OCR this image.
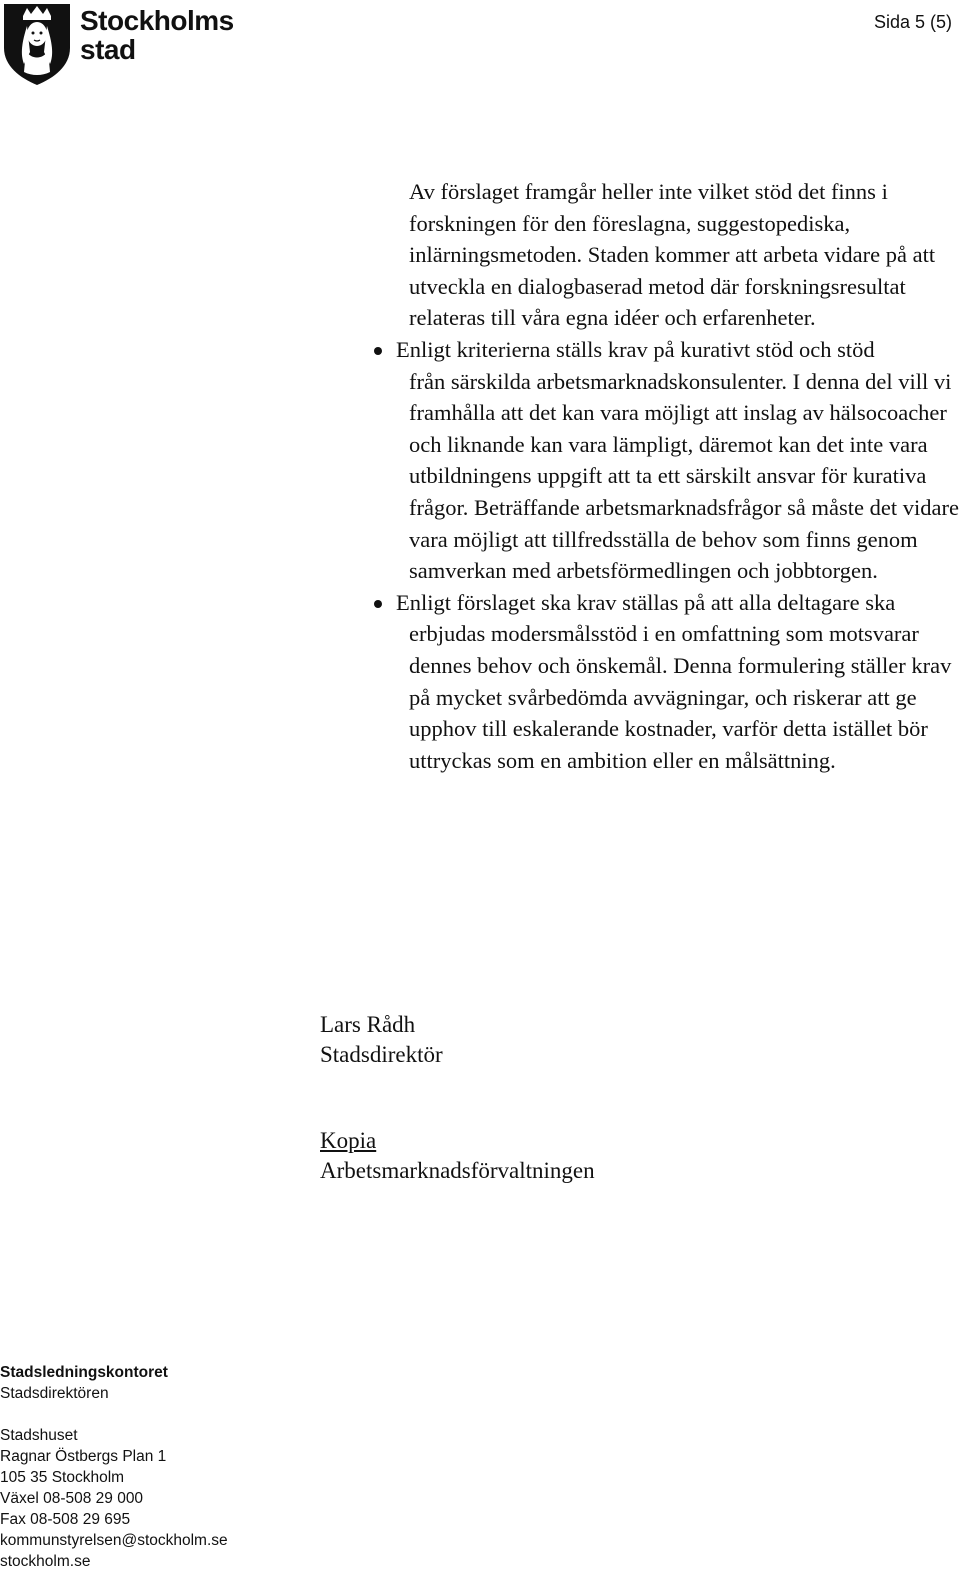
Stockholms
stad
Sida 5 (5)

Av förslaget framgår heller inte vilket stöd det finns i forskningen för den föreslagna, suggestopediska, inlärningsmetoden. Staden kommer att arbeta vidare på att utveckla en dialogbaserad metod där forskningsresultat relateras till våra egna idéer och erfarenheter.

Enligt kriterierna ställs krav på kurativt stöd och stöd
från särskilda arbetsmarknadskonsulenter. I denna del vill vi framhålla att det kan vara möjligt att inslag av hälsocoacher och liknande kan vara lämpligt, däremot kan det inte vara utbildningens uppgift att ta ett särskilt ansvar för kurativa frågor. Beträffande arbetsmarknadsfrågor så måste det vidare vara möjligt att tillfredsställa de behov som finns genom samverkan med arbetsförmedlingen och jobbtorgen.
Enligt förslaget ska krav ställas på att alla deltagare ska
erbjudas modersmålsstöd i en omfattning som motsvarar dennes behov och önskemål. Denna formulering ställer krav på mycket svårbedömda avvägningar, och riskerar att ge upphov till eskalerande kostnader, varför detta istället bör uttryckas som en ambition eller en målsättning.
Lars Rådh
Stadsdirektör
Kopia
Arbetsmarknadsförvaltningen
Stadsledningskontoret
Stadsdirektören
Stadshuset
Ragnar Östbergs Plan 1
105 35 Stockholm
Växel 08-508 29 000
Fax 08-508 29 695
kommunstyrelsen@stockholm.se
stockholm.se
